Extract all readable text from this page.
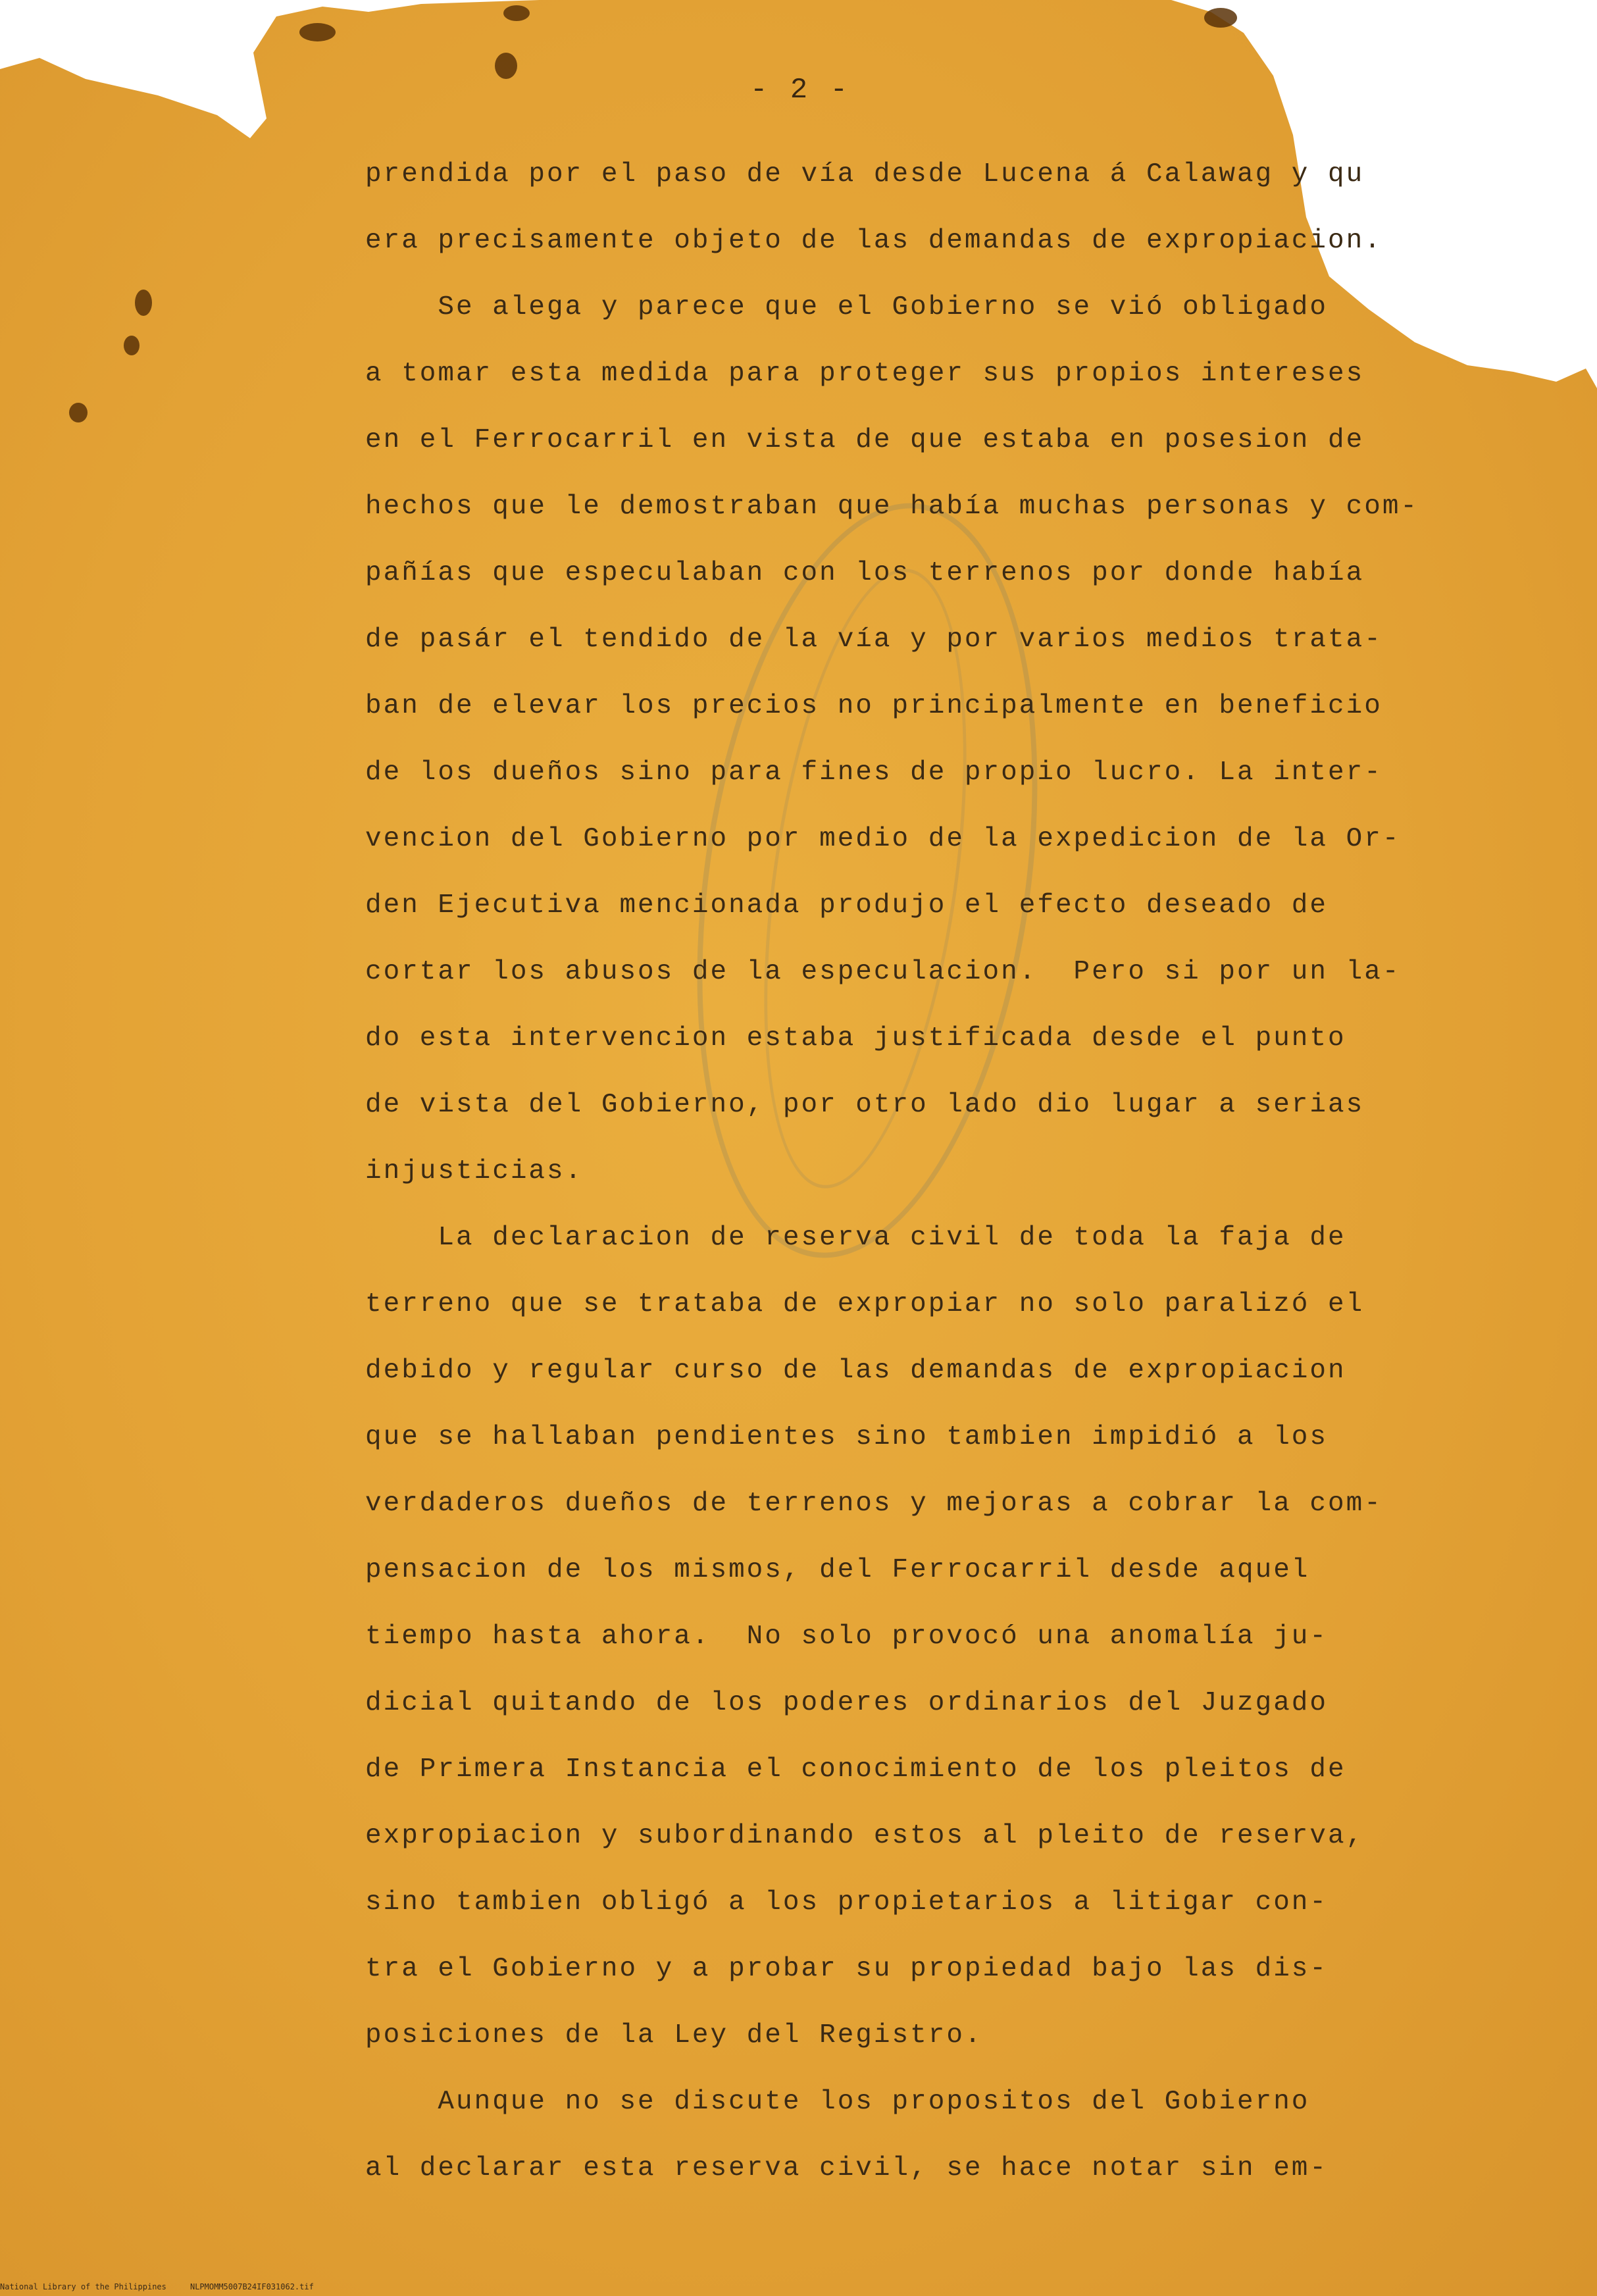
- 2 -
prendida por el paso de vía desde Lucena á Calawag y qu
era precisamente objeto de las demandas de expropiacion.
Se alega y parece que el Gobierno se vió obligado
a tomar esta medida para proteger sus propios intereses
en el Ferrocarril en vista de que estaba en posesion de
hechos que le demostraban que había muchas personas y com-
pañías que especulaban con los terrenos por donde había
de pasár el tendido de la vía y por varios medios trata-
ban de elevar los precios no principalmente en beneficio
de los dueños sino para fines de propio lucro. La inter-
vencion del Gobierno por medio de la expedicion de la Or-
den Ejecutiva mencionada produjo el efecto deseado de
cortar los abusos de la especulacion.  Pero si por un la-
do esta intervencion estaba justificada desde el punto
de vista del Gobierno, por otro lado dio lugar a serias
injusticias.
La declaracion de reserva civil de toda la faja de
terreno que se trataba de expropiar no solo paralizó el
debido y regular curso de las demandas de expropiacion
que se hallaban pendientes sino tambien impidió a los
verdaderos dueños de terrenos y mejoras a cobrar la com-
pensacion de los mismos, del Ferrocarril desde aquel
tiempo hasta ahora.  No solo provocó una anomalía ju-
dicial quitando de los poderes ordinarios del Juzgado
de Primera Instancia el conocimiento de los pleitos de
expropiacion y subordinando estos al pleito de reserva,
sino tambien obligó a los propietarios a litigar con-
tra el Gobierno y a probar su propiedad bajo las dis-
posiciones de la Ley del Registro.
Aunque no se discute los propositos del Gobierno
al declarar esta reserva civil, se hace notar sin em-
National Library of the Philippines     NLPMOMM5007B24IF031062.tif
